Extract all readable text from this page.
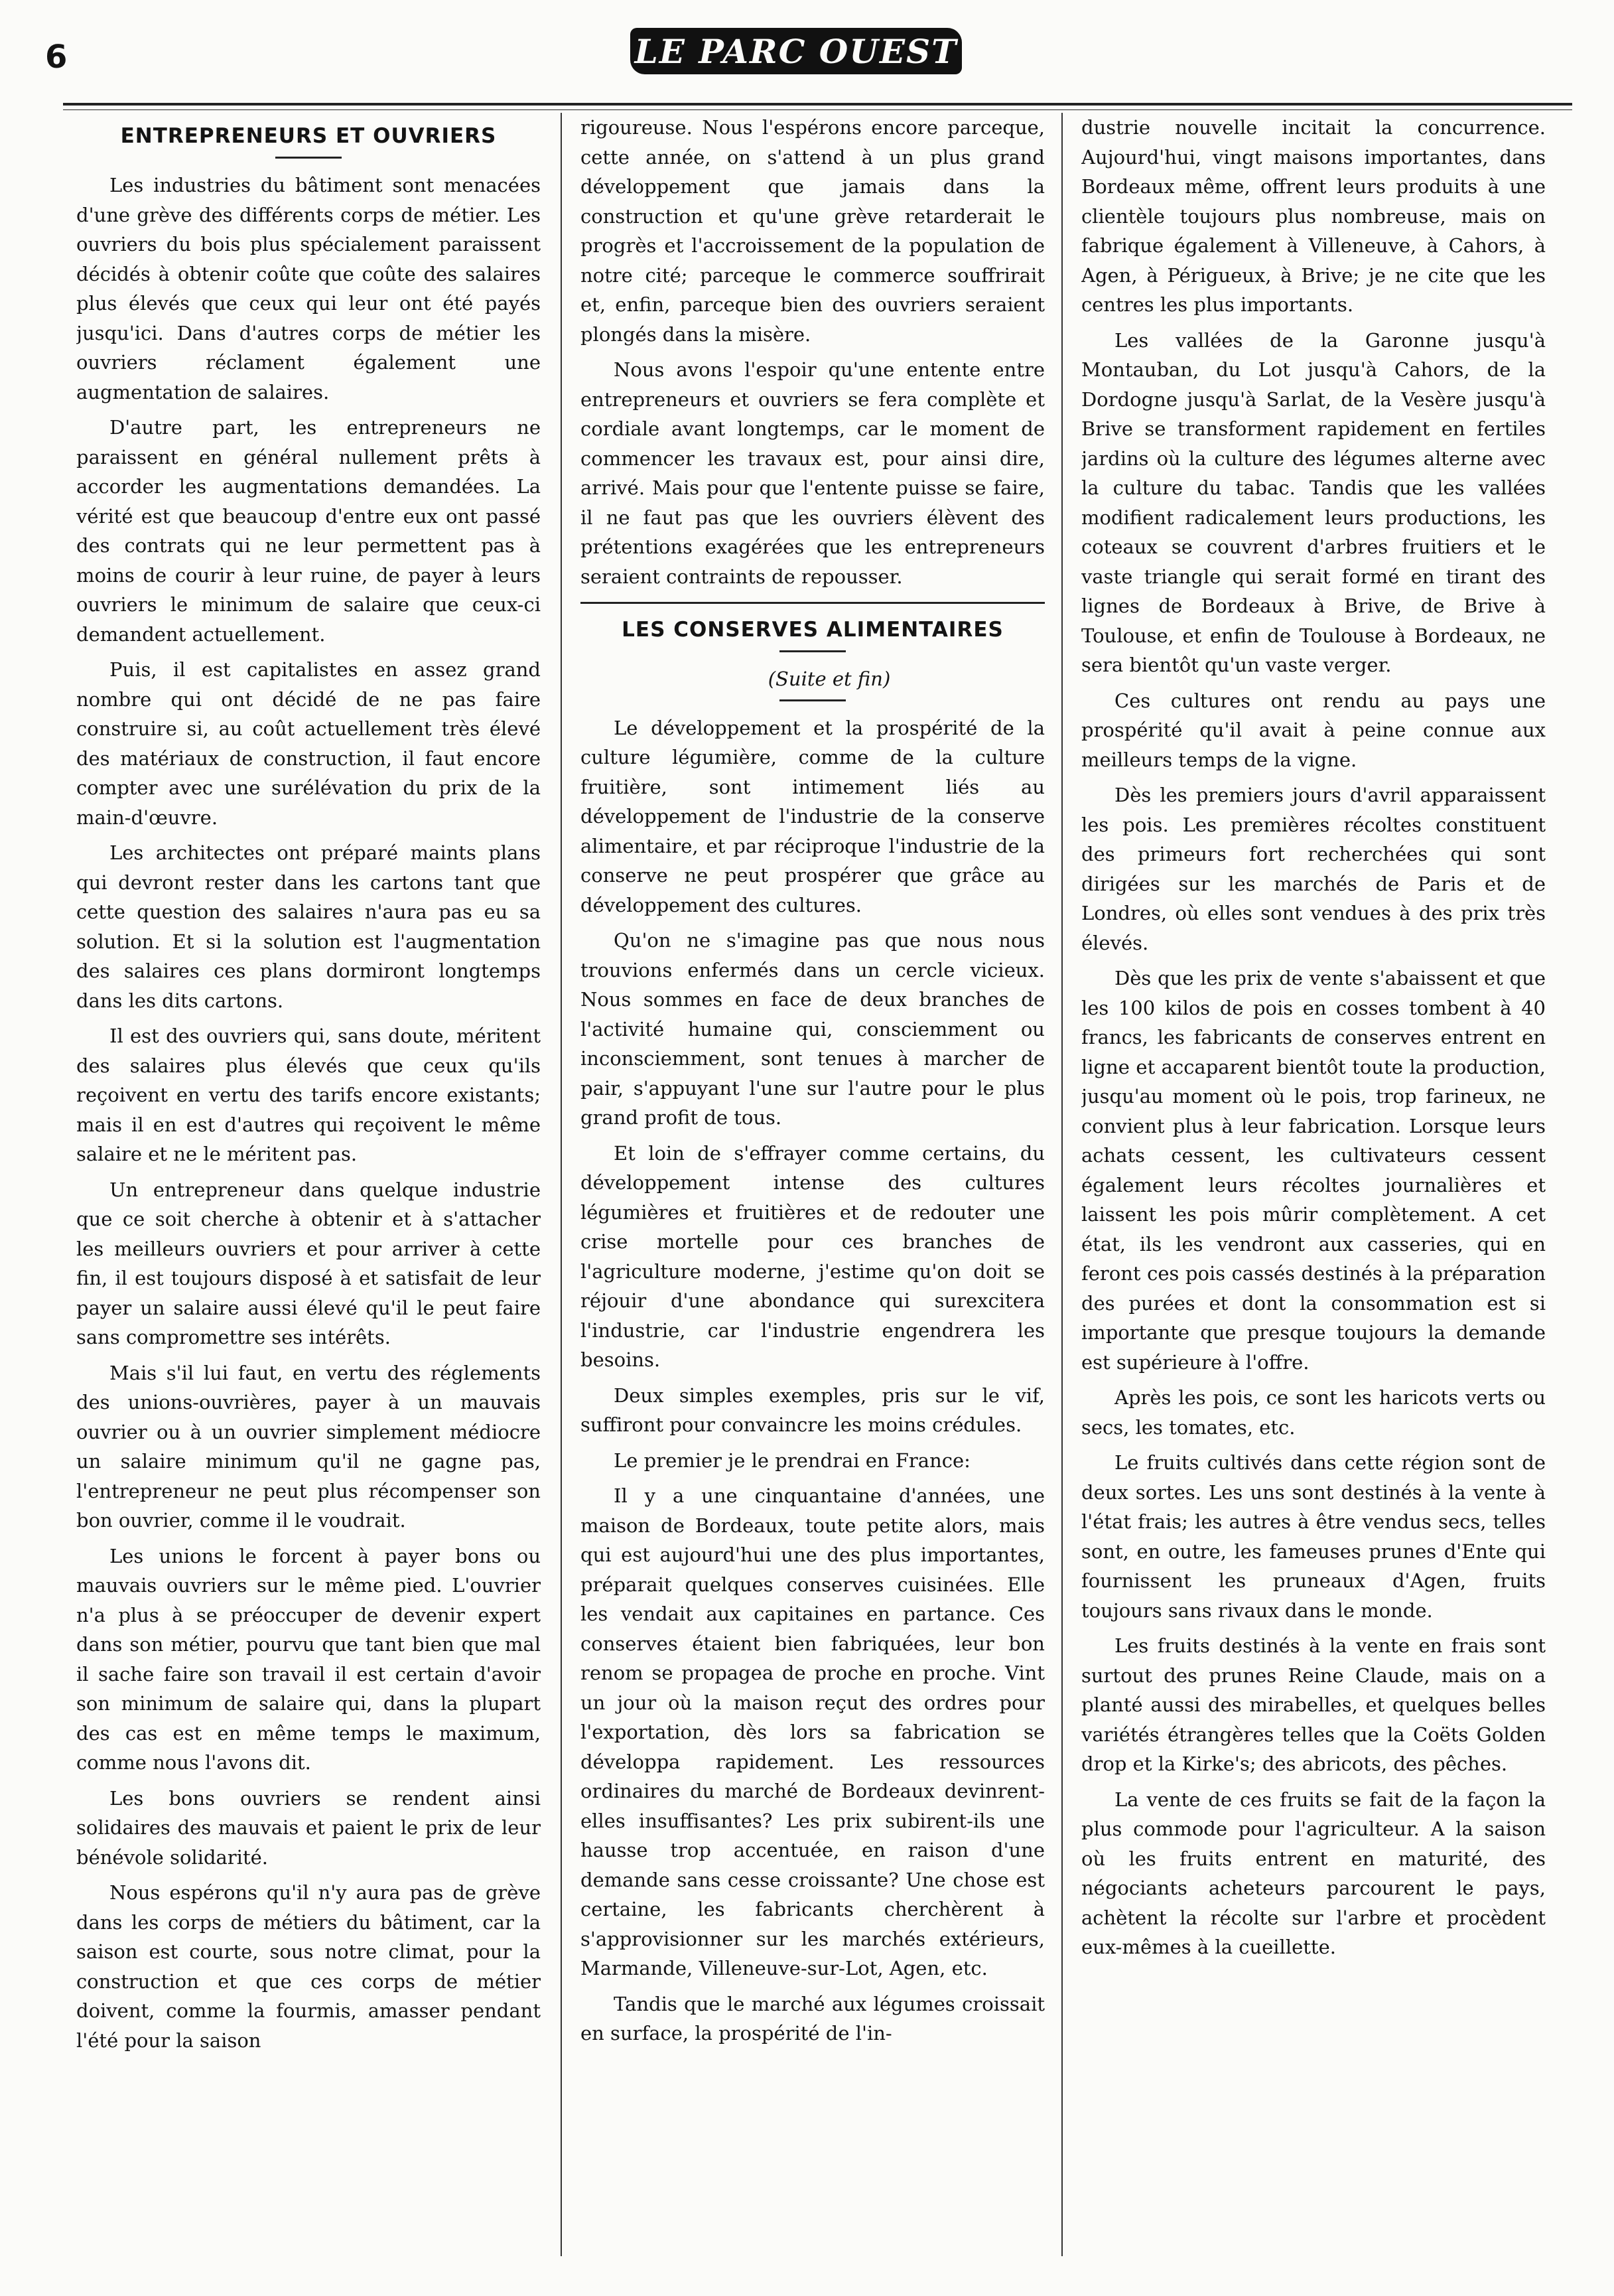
6	LE PARC OUEST
ENTREPRENEURS ET OUVRIERS

Les industries du bâtiment sont menacées d'une grève des différents corps de métier. Les ouvriers du bois plus spécialement paraissent décidés à obtenir coûte que coûte des salaires plus élevés que ceux qui leur ont été payés jusqu'ici. Dans d'autres corps de métier les ouvriers réclament également une augmentation de salaires.

D'autre part, les entrepreneurs ne paraissent en général nullement prêts à accorder les augmentations demandées. La vérité est que beaucoup d'entre eux ont passé des contrats qui ne leur permettent pas à moins de courir à leur ruine, de payer à leurs ouvriers le minimum de salaire que ceux-ci demandent actuellement.

Puis, il est capitalistes en assez grand nombre qui ont décidé de ne pas faire construire si, au coût actuellement très élevé des matériaux de construction, il faut encore compter avec une surélévation du prix de la main-d'œuvre.

Les architectes ont préparé maints plans qui devront rester dans les cartons tant que cette question des salaires n'aura pas eu sa solution. Et si la solution est l'augmentation des salaires ces plans dormiront longtemps dans les dits cartons.

Il est des ouvriers qui, sans doute, méritent des salaires plus élevés que ceux qu'ils reçoivent en vertu des tarifs encore existants; mais il en est d'autres qui reçoivent le même salaire et ne le méritent pas.

Un entrepreneur dans quelque industrie que ce soit cherche à obtenir et à s'attacher les meilleurs ouvriers et pour arriver à cette fin, il est toujours disposé à et satisfait de leur payer un salaire aussi élevé qu'il le peut faire sans compromettre ses intérêts.

Mais s'il lui faut, en vertu des réglements des unions-ouvrières, payer à un mauvais ouvrier ou à un ouvrier simplement médiocre un salaire minimum qu'il ne gagne pas, l'entrepreneur ne peut plus récompenser son bon ouvrier, comme il le voudrait.

Les unions le forcent à payer bons ou mauvais ouvriers sur le même pied. L'ouvrier n'a plus à se préoccuper de devenir expert dans son métier, pourvu que tant bien que mal il sache faire son travail il est certain d'avoir son minimum de salaire qui, dans la plupart des cas est en même temps le maximum, comme nous l'avons dit.

Les bons ouvriers se rendent ainsi solidaires des mauvais et paient le prix de leur bénévole solidarité.

Nous espérons qu'il n'y aura pas de grève dans les corps de métiers du bâtiment, car la saison est courte, sous notre climat, pour la construction et que ces corps de métier doivent, comme la fourmis, amasser pendant l'été pour la saison

rigoureuse. Nous l'espérons encore parceque, cette année, on s'attend à un plus grand développement que jamais dans la construction et qu'une grève retarderait le progrès et l'accroissement de la population de notre cité; parceque le commerce souffrirait et, enfin, parceque bien des ouvriers seraient plongés dans la misère.

Nous avons l'espoir qu'une entente entre entrepreneurs et ouvriers se fera complète et cordiale avant longtemps, car le moment de commencer les travaux est, pour ainsi dire, arrivé. Mais pour que l'entente puisse se faire, il ne faut pas que les ouvriers élèvent des prétentions exagérées que les entrepreneurs seraient contraints de repousser.

LES CONSERVES ALIMENTAIRES

(Suite et fin)

Le développement et la prospérité de la culture légumière, comme de la culture fruitière, sont intimement liés au développement de l'industrie de la conserve alimentaire, et par réciproque l'industrie de la conserve ne peut prospérer que grâce au développement des cultures.

Qu'on ne s'imagine pas que nous nous trouvions enfermés dans un cercle vicieux. Nous sommes en face de deux branches de l'activité humaine qui, consciemment ou inconsciemment, sont tenues à marcher de pair, s'appuyant l'une sur l'autre pour le plus grand profit de tous.

Et loin de s'effrayer comme certains, du développement intense des cultures légumières et fruitières et de redouter une crise mortelle pour ces branches de l'agriculture moderne, j'estime qu'on doit se réjouir d'une abondance qui surexcitera l'industrie, car l'industrie engendrera les besoins.

Deux simples exemples, pris sur le vif, suffiront pour convaincre les moins crédules.

Le premier je le prendrai en France:

Il y a une cinquantaine d'années, une maison de Bordeaux, toute petite alors, mais qui est aujourd'hui une des plus importantes, préparait quelques conserves cuisinées. Elle les vendait aux capitaines en partance. Ces conserves étaient bien fabriquées, leur bon renom se propagea de proche en proche. Vint un jour où la maison reçut des ordres pour l'exportation, dès lors sa fabrication se développa rapidement. Les ressources ordinaires du marché de Bordeaux devinrent-elles insuffisantes? Les prix subirent-ils une hausse trop accentuée, en raison d'une demande sans cesse croissante? Une chose est certaine, les fabricants cherchèrent à s'approvisionner sur les marchés extérieurs, Marmande, Villeneuve-sur-Lot, Agen, etc.

Tandis que le marché aux légumes croissait en surface, la prospérité de l'in-

dustrie nouvelle incitait la concurrence. Aujourd'hui, vingt maisons importantes, dans Bordeaux même, offrent leurs produits à une clientèle toujours plus nombreuse, mais on fabrique également à Villeneuve, à Cahors, à Agen, à Périgueux, à Brive; je ne cite que les centres les plus importants.

Les vallées de la Garonne jusqu'à Montauban, du Lot jusqu'à Cahors, de la Dordogne jusqu'à Sarlat, de la Vesère jusqu'à Brive se transforment rapidement en fertiles jardins où la culture des légumes alterne avec la culture du tabac. Tandis que les vallées modifient radicalement leurs productions, les coteaux se couvrent d'arbres fruitiers et le vaste triangle qui serait formé en tirant des lignes de Bordeaux à Brive, de Brive à Toulouse, et enfin de Toulouse à Bordeaux, ne sera bientôt qu'un vaste verger.

Ces cultures ont rendu au pays une prospérité qu'il avait à peine connue aux meilleurs temps de la vigne.

Dès les premiers jours d'avril apparaissent les pois. Les premières récoltes constituent des primeurs fort recherchées qui sont dirigées sur les marchés de Paris et de Londres, où elles sont vendues à des prix très élevés.

Dès que les prix de vente s'abaissent et que les 100 kilos de pois en cosses tombent à 40 francs, les fabricants de conserves entrent en ligne et accaparent bientôt toute la production, jusqu'au moment où le pois, trop farineux, ne convient plus à leur fabrication. Lorsque leurs achats cessent, les cultivateurs cessent également leurs récoltes journalières et laissent les pois mûrir complètement. A cet état, ils les vendront aux casseries, qui en feront ces pois cassés destinés à la préparation des purées et dont la consommation est si importante que presque toujours la demande est supérieure à l'offre.

Après les pois, ce sont les haricots verts ou secs, les tomates, etc.

Le fruits cultivés dans cette région sont de deux sortes. Les uns sont destinés à la vente à l'état frais; les autres à être vendus secs, telles sont, en outre, les fameuses prunes d'Ente qui fournissent les pruneaux d'Agen, fruits toujours sans rivaux dans le monde.

Les fruits destinés à la vente en frais sont surtout des prunes Reine Claude, mais on a planté aussi des mirabelles, et quelques belles variétés étrangères telles que la Coëts Golden drop et la Kirke's; des abricots, des pêches.

La vente de ces fruits se fait de la façon la plus commode pour l'agriculteur. A la saison où les fruits entrent en maturité, des négociants acheteurs parcourent le pays, achètent la récolte sur l'arbre et procèdent eux-mêmes à la cueillette.
